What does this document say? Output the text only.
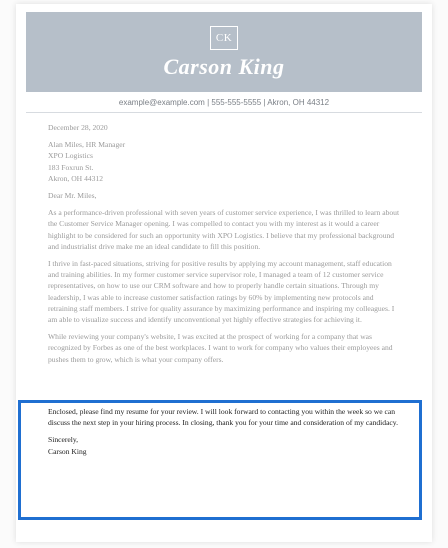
CK
Carson King
example@example.com | 555-555-5555 | Akron, OH 44312

December 28, 2020

Alan Miles, HR Manager
XPO Logistics
183 Foxrun St.
Akron, OH 44312

Dear Mr. Miles,

As a performance-driven professional with seven years of customer service experience, I was thrilled to learn about the Customer Service Manager opening. I was compelled to contact you with my interest as it would a career highlight to be considered for such an opportunity with XPO Logistics. I believe that my professional background and industrialist drive make me an ideal candidate to fill this position.

I thrive in fast-paced situations, striving for positive results by applying my account management, staff education and training abilities. In my former customer service supervisor role, I managed a team of 12 customer service representatives, on how to use our CRM software and how to properly handle certain situations. Through my leadership, I was able to increase customer satisfaction ratings by 60% by implementing new protocols and retraining staff members. I strive for quality assurance by maximizing performance and inspiring my colleagues. I am able to visualize success and identify unconventional yet highly effective strategies for achieving it.

While reviewing your company's website, I was excited at the prospect of working for a company that was recognized by Forbes as one of the best workplaces. I want to work for company who values their employees and pushes them to grow, which is what your company offers.

Enclosed, please find my resume for your review. I will look forward to contacting you within the week so we can discuss the next step in your hiring process. In closing, thank you for your time and consideration of my candidacy.

Sincerely,
Carson King
